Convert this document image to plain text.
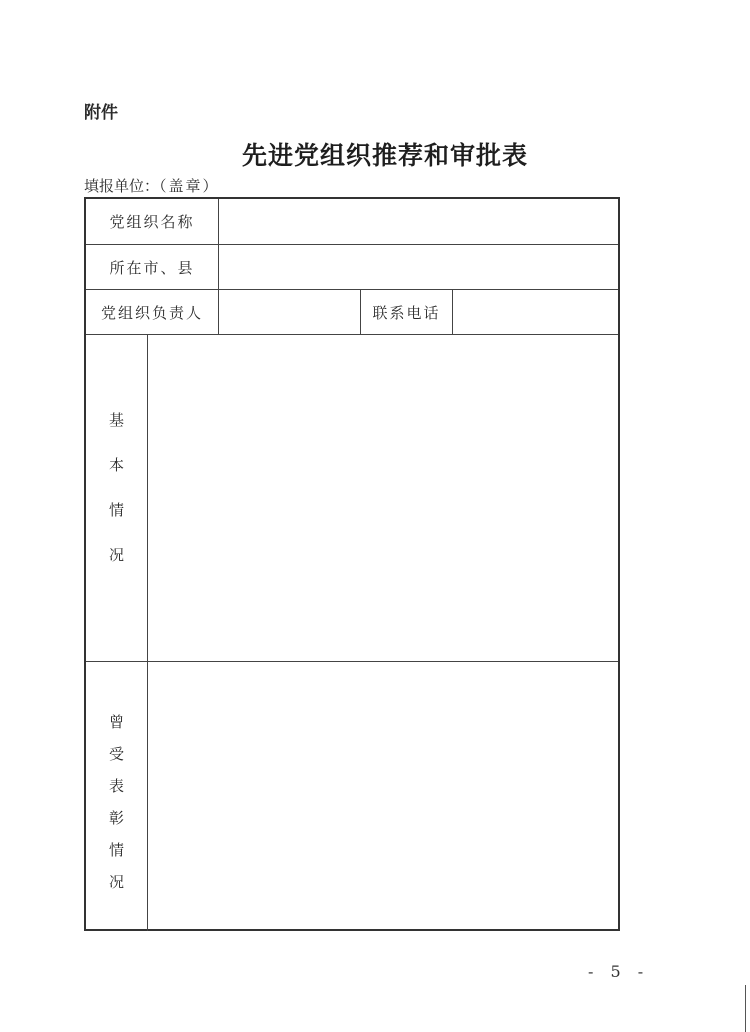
附件
先进党组织推荐和审批表
填报单位：（盖章）
党组织名称
所在市、县
党组织负责人	联系电话
基
本
情
况
曾
受
表
彰
情
况
- 5 -
